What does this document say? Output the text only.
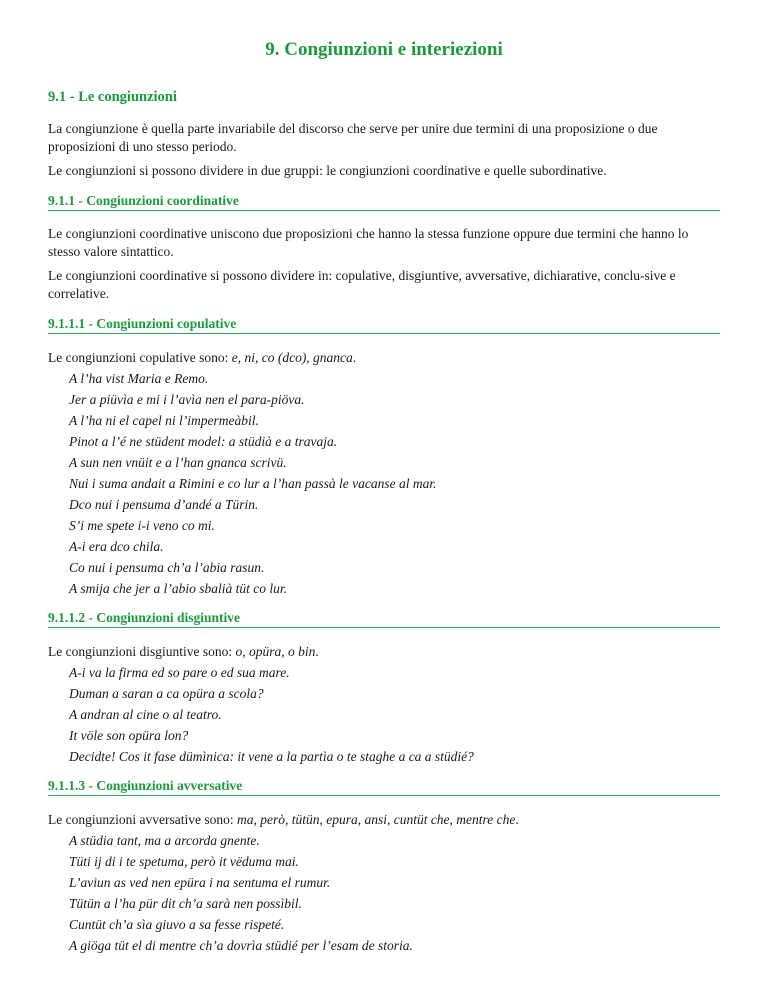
9. Congiunzioni e interiezioni
9.1 - Le congiunzioni

La congiunzione è quella parte invariabile del discorso che serve per unire due termini di una proposizione o due proposizioni di uno stesso periodo.

Le congiunzioni si possono dividere in due gruppi: le congiunzioni coordinative e quelle subordinative.

9.1.1 - Congiunzioni coordinative

Le congiunzioni coordinative uniscono due proposizioni che hanno la stessa funzione oppure due termini che hanno lo stesso valore sintattico.

Le congiunzioni coordinative si possono dividere in: copulative, disgiuntive, avversative, dichiarative, conclu-sive e correlative.

9.1.1.1 - Congiunzioni copulative

Le congiunzioni copulative sono: e, ni, co (dco), gnanca.

A l’ha vist Maria e Remo.

Jer a piüvìa e mi i l’avìa nen el para-piöva.

A l’ha ni el capel ni l’impermeàbil.

Pinot a l’é ne stüdent model: a stüdià e a travaja.

A sun nen vnüit e a l’han gnanca scrivü.

Nui i suma andait a Rimini e co lur a l’han passà le vacanse al mar.

Dco nui i pensuma d’andé a Türin.

S’i me spete i-i veno co mi.

A-i era dco chila.

Co nui i pensuma ch’a l’abia rasun.

A smija che jer a l’abio sbalià tüt co lur.

9.1.1.2 - Congiunzioni disgiuntive

Le congiunzioni disgiuntive sono: o, opüra, o bin.

A-i va la firma ed so pare o ed sua mare.

Duman a saran a ca opüra a scola?

A andran al cine o al teatro.

It völe son opüra lon?

Decidte! Cos it fase dümìnica: it vene a la partìa o te staghe a ca a stüdié?

9.1.1.3 - Congiunzioni avversative

Le congiunzioni avversative sono: ma, però, tütün, epura, ansi, cuntüt che, mentre che.

A stüdia tant, ma a arcorda gnente.

Tüti ij di i te spetuma, però it vëduma mai.

L’aviun as ved nen epüra i na sentuma el rumur.

Tütün a l’ha pür dit ch’a sarà nen possìbil.

Cuntüt ch’a sìa giuvo a sa fesse rispeté.

A giöga tüt el di mentre ch’a dovrìa stüdié per l’esam de storia.
